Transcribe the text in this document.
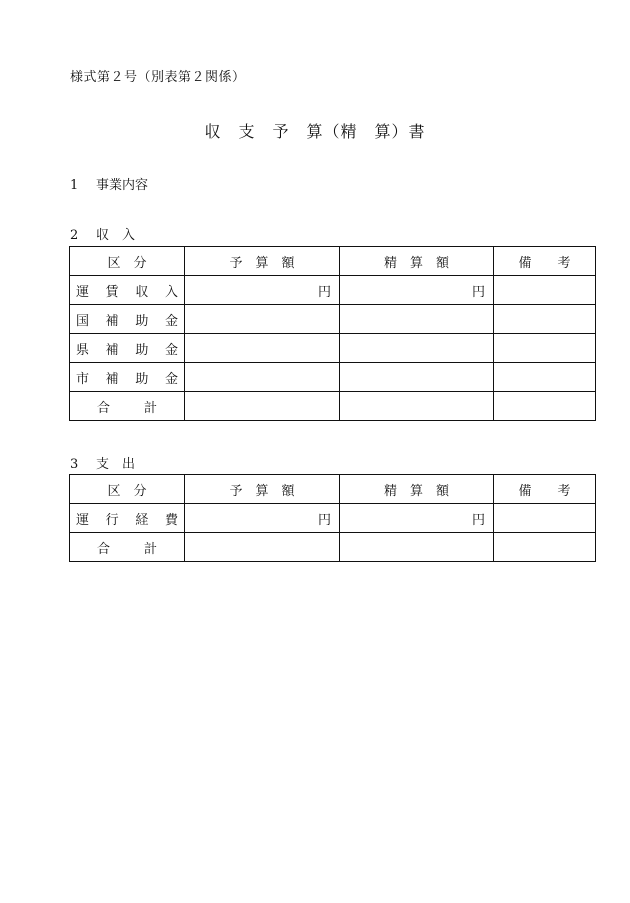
様式第２号（別表第２関係）
収　支　予　算（精　算）書
1 事業内容
2 収　入
区　分	予　算　額	精　算　額	備　　考

運 賃 収 入	円	円	

国 補 助 金			

県 補 助 金			

市 補 助 金			

合 計			

3 支　出
区　分	予　算　額	精　算　額	備　　考

運 行 経 費	円	円	

合 計			
